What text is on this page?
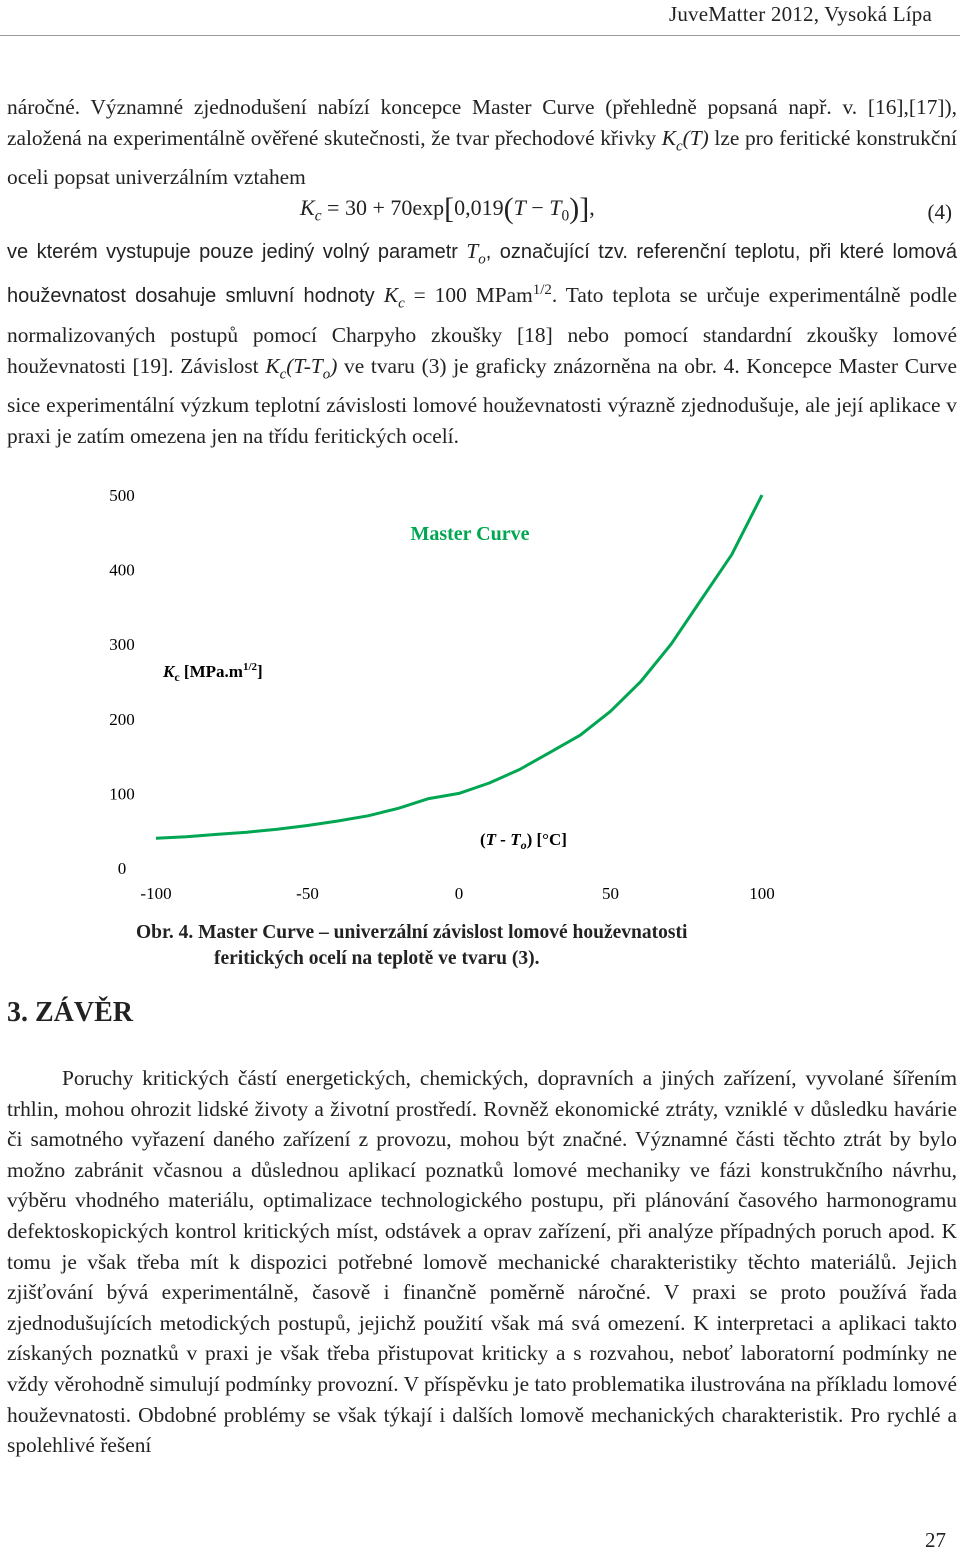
JuveMatter 2012, Vysoká Lípa
náročné. Významné zjednodušení nabízí koncepce Master Curve (přehledně popsaná např. v. [16],[17]), založená na experimentálně ověřené skutečnosti, že tvar přechodové křivky $K_c(T)$ lze pro feritické konstrukční oceli popsat univerzálním vztahem
$K_c = 30 + 70\exp[0,019(T - T_0)]$,	(4)
ve kterém vystupuje pouze jediný volný parametr $T_o$, označující tzv. referenční teplotu, při které lomová houževnatost dosahuje smluvní hodnoty $K_c = 100$ MPam$^{1/2}$. Tato teplota se určuje experimentálně podle normalizovaných postupů pomocí Charpyho zkoušky [18] nebo pomocí standardní zkoušky lomové houževnatosti [19]. Závislost $K_c(T-T_o)$ ve tvaru (3) je graficky znázorněna na obr. 4. Koncepce Master Curve sice experimentální výzkum teplotní závislosti lomové houževnatosti výrazně zjednodušuje, ale její aplikace v praxi je zatím omezena jen na třídu feritických ocelí.
0
100
200
300
400
500
-100	-50	0	50	100
Master Curve
$K_c$ $[MPa.m^{1/2}]$
$(T - T_o)$ [°C]
Obr. 4. Master Curve – univerzální závislost lomové houževnatosti
feritických ocelí na teplotě ve tvaru (3).
3. ZÁVĚR
Poruchy kritických částí energetických, chemických, dopravních a jiných zařízení, vyvolané šířením trhlin, mohou ohrozit lidské životy a životní prostředí. Rovněž ekonomické ztráty, vzniklé v důsledku havárie či samotného vyřazení daného zařízení z provozu, mohou být značné. Významné části těchto ztrát by bylo možno zabránit včasnou a důslednou aplikací poznatků lomové mechaniky ve fázi konstrukčního návrhu, výběru vhodného materiálu, optimalizace technologického postupu, při plánování časového harmonogramu defektoskopických kontrol kritických míst, odstávek a oprav zařízení, při analýze případných poruch apod. K tomu je však třeba mít k dispozici potřebné lomově mechanické charakteristiky těchto materiálů. Jejich zjišťování bývá experimentálně, časově i finančně poměrně náročné. V praxi se proto používá řada zjednodušujících metodických postupů, jejichž použití však má svá omezení. K interpretaci a aplikaci takto získaných poznatků v praxi je však třeba přistupovat kriticky a s rozvahou, neboť laboratorní podmínky ne vždy věrohodně simulují podmínky provozní. V příspěvku je tato problematika ilustrována na příkladu lomové houževnatosti. Obdobné problémy se však týkají i dalších lomově mechanických charakteristik. Pro rychlé a spolehlivé řešení
27
